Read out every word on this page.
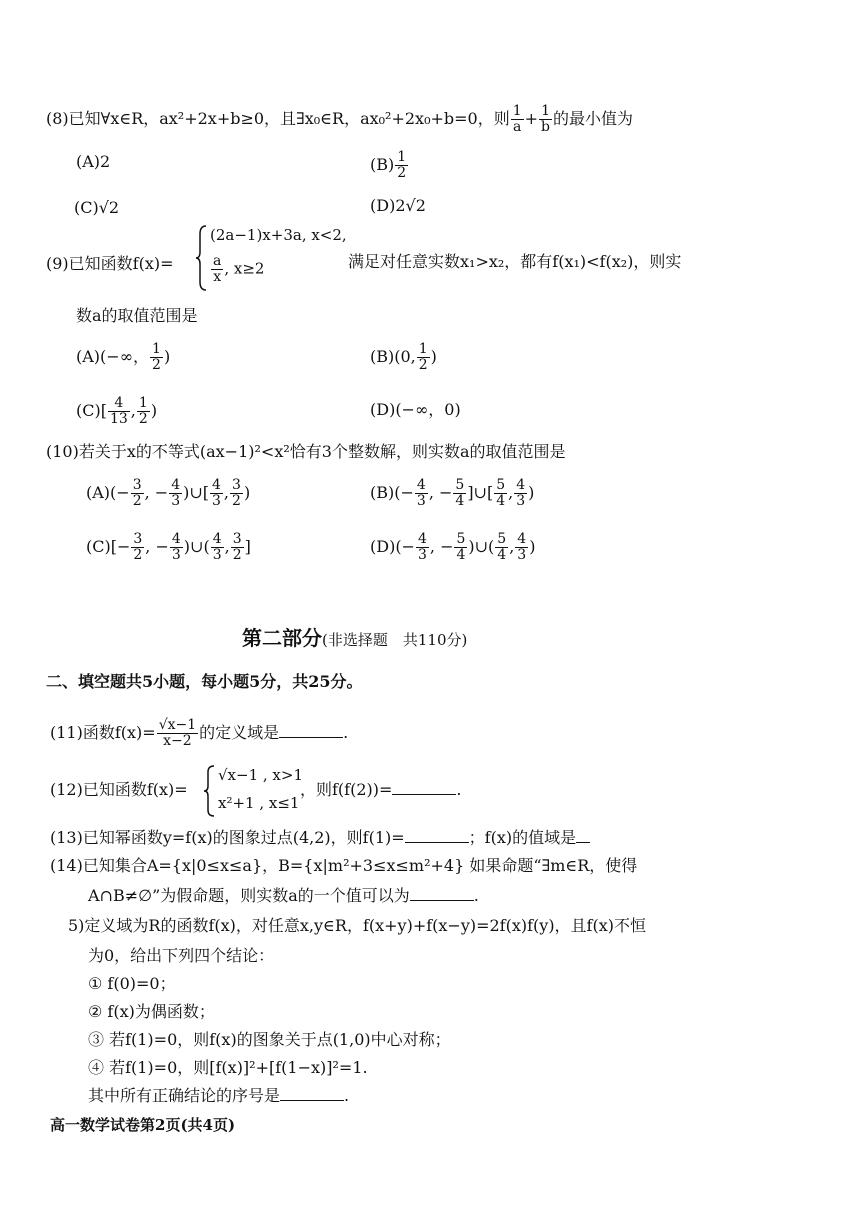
(8)已知∀x∈R，ax²+2x+b≥0，且∃x₀∈R，ax₀²+2x₀+b=0，则 $\frac{1}{a} + \frac{1}{b}$ 的最小值为
(A)2	$(B) \frac{1}{2}$
(C)√2	(D)2√2
(9)已知函数f(x)=
(2a−1)x+3a, x<2,
$\frac{a}{x}$ , x≥2	满足对任意实数x₁>x₂，都有f(x₁)<f(x₂)，则实
数a的取值范围是
(A)(−∞， $\frac{1}{2}$ )	(B)(0, $\frac{1}{2}$ )
$(C)[ \frac{4}{13}$ , $\frac{1}{2}$ )	(D)(−∞，0)
(10)若关于x的不等式(ax−1)²<x²恰有3个整数解，则实数a的取值范围是
$(A)(- \frac{3}{2}$ , − $\frac{4}{3}$ )∪[ $\frac{4}{3}$ , $\frac{3}{2}$ )	$(B)(- \frac{4}{3}$ , − $\frac{5}{4}$ ]∪[ $\frac{5}{4}$ , $\frac{4}{3}$ )
$(C)[- \frac{3}{2}$ , − $\frac{4}{3}$ )∪( $\frac{4}{3}$ , $\frac{3}{2}$ ]	$(D)(- \frac{4}{3}$ , − $\frac{5}{4}$ )∪( $\frac{5}{4}$ , $\frac{4}{3}$ )
第二部分(非选择题　共110分)
二、填空题共5小题，每小题5分，共25分。
(11)函数$f(x)= \frac{√x-1}{x-2}$ 的定义域是	.
(12)已知函数f(x)=
√x−1 , x>1
x²+1 , x≤1
，则f(f(2))=	.
(13)已知幂函数y=f(x)的图象过点(4,2)，则f(1)=	；f(x)的值域是
(14)已知集合A={x|0≤x≤a}，B={x|m²+3≤x≤m²+4} 如果命题“∃m∈R，使得
A∩B≠∅”为假命题，则实数a的一个值可以为	.
5)定义域为R的函数f(x)，对任意x,y∈R，f(x+y)+f(x−y)=2f(x)f(y)，且f(x)不恒
为0，给出下列四个结论：
① f(0)=0；
② f(x)为偶函数；
③ 若f(1)=0，则f(x)的图象关于点(1,0)中心对称；
④ 若f(1)=0，则[f(x)]²+[f(1−x)]²=1.
其中所有正确结论的序号是	.
高一数学试卷第2页(共4页)
